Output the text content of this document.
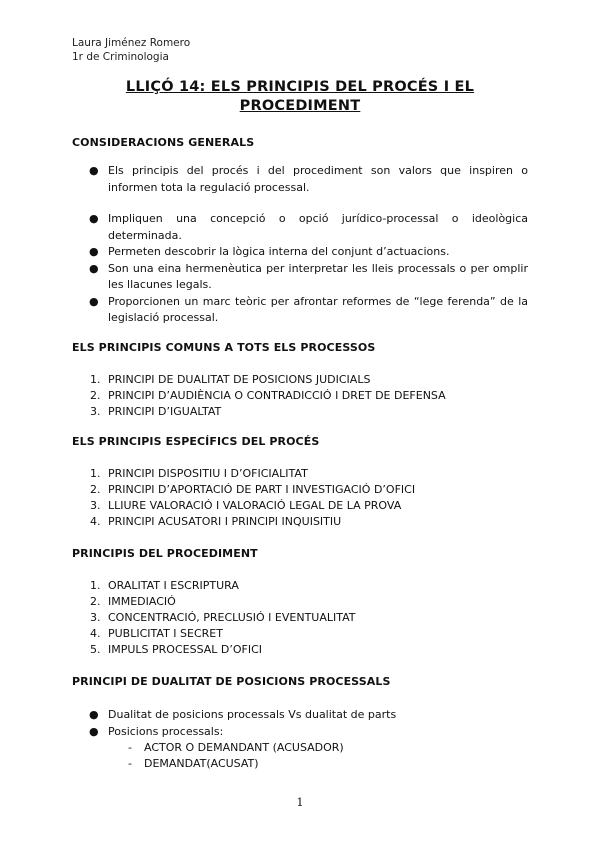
Laura Jiménez Romero
1r de Criminologia
LLIÇÓ 14: ELS PRINCIPIS DEL PROCÉS I EL
PROCEDIMENT
CONSIDERACIONS GENERALS
● Els principis del procés i del procediment son valors que inspiren o informen tota la regulació processal.
● Impliquen una concepció o opció jurídico-processal o ideològica determinada.
● Permeten descobrir la lògica interna del conjunt d’actuacions.
● Son una eina hermenèutica per interpretar les lleis processals o per omplir les llacunes legals.
● Proporcionen un marc teòric per afrontar reformes de “lege ferenda” de la legislació processal.
ELS PRINCIPIS COMUNS A TOTS ELS PROCESSOS
1. PRINCIPI DE DUALITAT DE POSICIONS JUDICIALS
2. PRINCIPI D’AUDIÈNCIA O CONTRADICCIÓ I DRET DE DEFENSA
3. PRINCIPI D’IGUALTAT
ELS PRINCIPIS ESPECÍFICS DEL PROCÉS
1. PRINCIPI DISPOSITIU I D’OFICIALITAT
2. PRINCIPI D’APORTACIÓ DE PART I INVESTIGACIÓ D’OFICI
3. LLIURE VALORACIÓ I VALORACIÓ LEGAL DE LA PROVA
4. PRINCIPI ACUSATORI I PRINCIPI INQUISITIU
PRINCIPIS DEL PROCEDIMENT
1. ORALITAT I ESCRIPTURA
2. IMMEDIACIÓ
3. CONCENTRACIÓ, PRECLUSIÓ I EVENTUALITAT
4. PUBLICITAT I SECRET
5. IMPULS PROCESSAL D’OFICI
PRINCIPI DE DUALITAT DE POSICIONS PROCESSALS
● Dualitat de posicions processals Vs dualitat de parts
● Posicions processals:
- ACTOR O DEMANDANT (ACUSADOR)
- DEMANDAT(ACUSAT)
1
